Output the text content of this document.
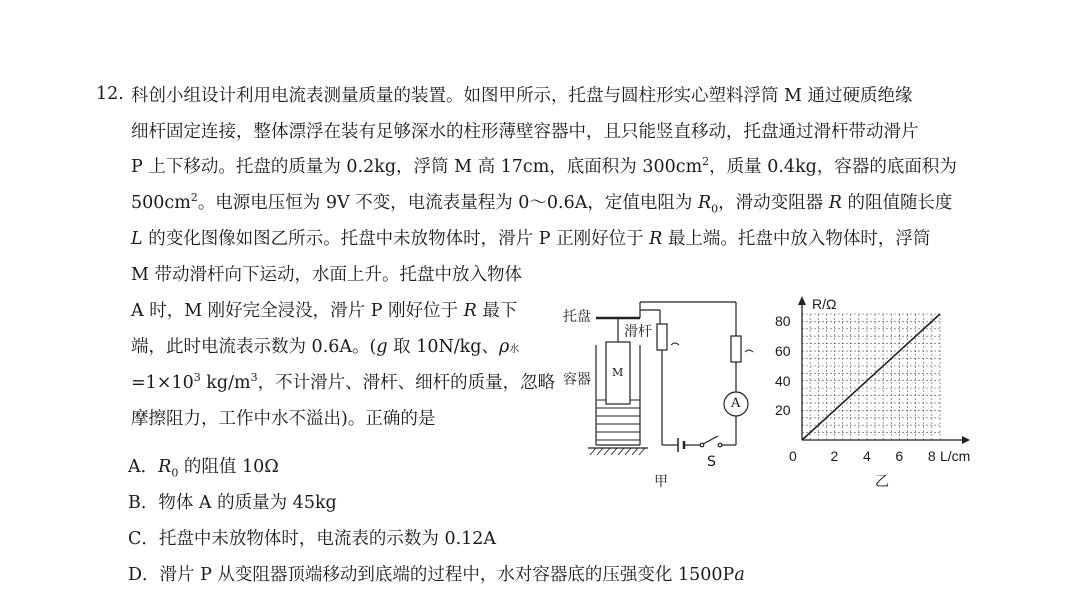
12. 科创小组设计利用电流表测量质量的装置。如图甲所示，托盘与圆柱形实心塑料浮筒 M 通过硬质绝缘
细杆固定连接，整体漂浮在装有足够深水的柱形薄壁容器中，且只能竖直移动，托盘通过滑杆带动滑片
P 上下移动。托盘的质量为 0.2kg，浮筒 M 高 17cm，底面积为 $300cm^2$，质量 0.4kg，容器的底面积为
$500cm^2$。电源电压恒为 9V 不变，电流表量程为 0～0.6A，定值电阻为 $R_0$，滑动变阻器 R 的阻值随长度
L 的变化图像如图乙所示。托盘中未放物体时，滑片 P 正刚好位于 R 最上端。托盘中放入物体时，浮筒
M 带动滑杆向下运动，水面上升。托盘中放入物体
A 时，M 刚好完全浸没，滑片 P 刚好位于 R 最下
端，此时电流表示数为 0.6A。(g 取 10N/kg、ρ水
$=1\times 10^3$ $kg/m^3$，不计滑片、滑杆、细杆的质量，忽略
摩擦阻力，工作中水不溢出)。正确的是
A．$R_0$ 的阻值 10Ω
B．物体 A 的质量为 45kg
C．托盘中未放物体时，电流表的示数为 0.12A
D．滑片 P 从变阻器顶端移动到底端的过程中，水对容器底的压强变化 1500Pa
托盘
滑杆
容器 M
A
S
甲
2 4 6 8
20
40
60
80
R/Ω
L/cm
0
乙
